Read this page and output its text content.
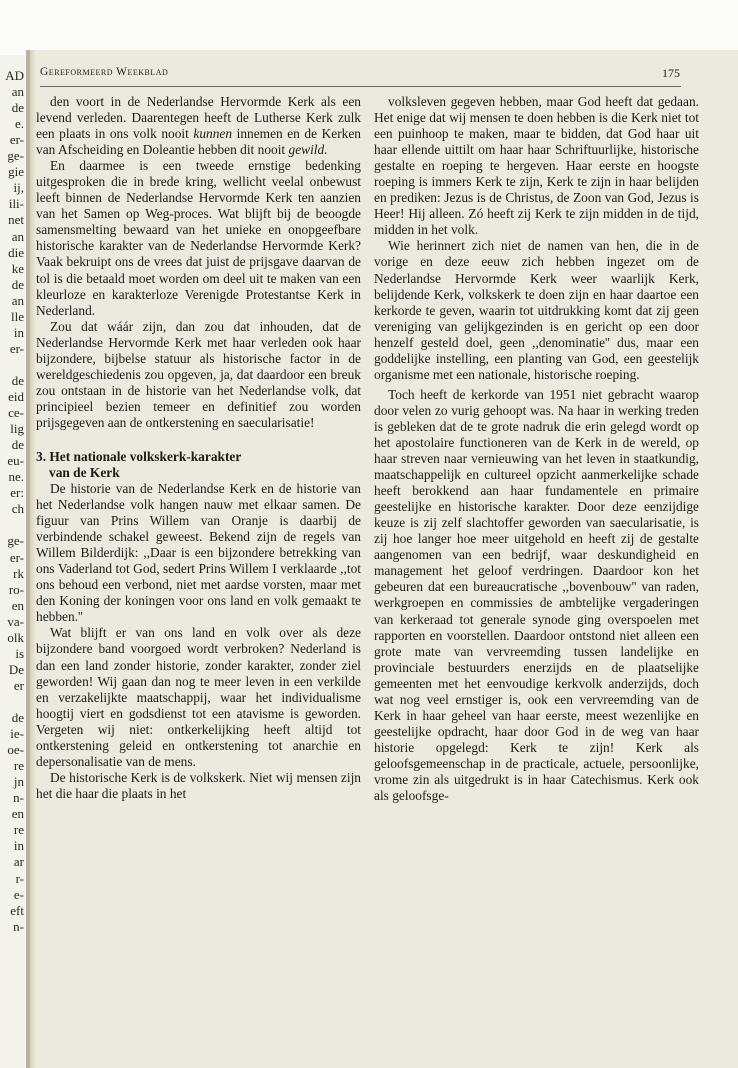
AD
an
de
e.
er-
ge-
gie
ij,
ili-
net
an
die
ke
de
an
lle
in
er-
de
eid
ce-
lig
de
eu-
ne.
er:
ch
ge-
er-
rk
ro-
en
va-
olk
is
De
er
de
ie-
oe-
re
jn
n-
en
re
in
ar
r-
e-
eft
n-
Gereformeerd Weekblad	175

den voort in de Nederlandse Hervormde Kerk als een levend verleden. Daarentegen heeft de Lutherse Kerk zulk een plaats in ons volk nooit kunnen innemen en de Kerken van Afscheiding en Doleantie hebben dit nooit gewild.

En daarmee is een tweede ernstige bedenking uitgesproken die in brede kring, wellicht veelal onbewust leeft binnen de Nederlandse Hervormde Kerk ten aanzien van het Samen op Weg-proces. Wat blijft bij de beoogde samensmelting bewaard van het unieke en onopgeefbare historische karakter van de Nederlandse Hervormde Kerk? Vaak bekruipt ons de vrees dat juist de prijsgave daarvan de tol is die betaald moet worden om deel uit te maken van een kleurloze en karakterloze Verenigde Protestantse Kerk in Nederland.

Zou dat wáár zijn, dan zou dat inhouden, dat de Nederlandse Hervormde Kerk met haar verleden ook haar bijzondere, bijbelse statuur als historische factor in de wereldgeschiedenis zou opgeven, ja, dat daardoor een breuk zou ontstaan in de historie van het Nederlandse volk, dat principieel bezien temeer en definitief zou worden prijsgegeven aan de ontkerstening en saecularisatie!

3. Het nationale volkskerk-karakter
van de Kerk

De historie van de Nederlandse Kerk en de historie van het Nederlandse volk hangen nauw met elkaar samen. De figuur van Prins Willem van Oranje is daarbij de verbindende schakel geweest. Bekend zijn de regels van Willem Bilderdijk: ,,Daar is een bijzondere betrekking van ons Vaderland tot God, sedert Prins Willem I verklaarde ,,tot ons behoud een verbond, niet met aardse vorsten, maar met den Koning der koningen voor ons land en volk gemaakt te hebben.''

Wat blijft er van ons land en volk over als deze bijzondere band voorgoed wordt verbroken? Nederland is dan een land zonder historie, zonder karakter, zonder ziel geworden! Wij gaan dan nog te meer leven in een verkilde en verzakelijkte maatschappij, waar het individualisme hoogtij viert en godsdienst tot een atavisme is geworden. Vergeten wij niet: ontkerkelijking heeft altijd tot ontkerstening geleid en ontkerstening tot anarchie en depersonalisatie van de mens.

De historische Kerk is de volkskerk. Niet wij mensen zijn het die haar die plaats in het

volksleven gegeven hebben, maar God heeft dat gedaan. Het enige dat wij mensen te doen hebben is die Kerk niet tot een puinhoop te maken, maar te bidden, dat God haar uit haar ellende uittilt om haar haar Schriftuurlijke, historische gestalte en roeping te hergeven. Haar eerste en hoogste roeping is immers Kerk te zijn, Kerk te zijn in haar belijden en prediken: Jezus is de Christus, de Zoon van God, Jezus is Heer! Hij alleen. Zó heeft zij Kerk te zijn midden in de tijd, midden in het volk.

Wie herinnert zich niet de namen van hen, die in de vorige en deze eeuw zich hebben ingezet om de Nederlandse Hervormde Kerk weer waarlijk Kerk, belijdende Kerk, volkskerk te doen zijn en haar daartoe een kerkorde te geven, waarin tot uitdrukking komt dat zij geen vereniging van gelijkgezinden is en gericht op een door henzelf gesteld doel, geen ,,denominatie'' dus, maar een goddelijke instelling, een planting van God, een geestelijk organisme met een nationale, historische roeping.

Toch heeft de kerkorde van 1951 niet gebracht waarop door velen zo vurig gehoopt was. Na haar in werking treden is gebleken dat de te grote nadruk die erin gelegd wordt op het apostolaire functioneren van de Kerk in de wereld, op haar streven naar vernieuwing van het leven in staatkundig, maatschappelijk en cultureel opzicht aanmerkelijke schade heeft berokkend aan haar fundamentele en primaire geestelijke en historische karakter. Door deze eenzijdige keuze is zij zelf slachtoffer geworden van saecularisatie, is zij hoe langer hoe meer uitgehold en heeft zij de gestalte aangenomen van een bedrijf, waar deskundigheid en management het geloof verdringen. Daardoor kon het gebeuren dat een bureaucratische ,,bovenbouw'' van raden, werkgroepen en commissies de ambtelijke vergaderingen van kerkeraad tot generale synode ging overspoelen met rapporten en voorstellen. Daardoor ontstond niet alleen een grote mate van vervreemding tussen landelijke en provinciale bestuurders enerzijds en de plaatselijke gemeenten met het eenvoudige kerkvolk anderzijds, doch wat nog veel ernstiger is, ook een vervreemding van de Kerk in haar geheel van haar eerste, meest wezenlijke en geestelijke opdracht, haar door God in de weg van haar historie opgelegd: Kerk te zijn! Kerk als geloofsgemeenschap in de practicale, actuele, persoonlijke, vrome zin als uitgedrukt is in haar Catechismus. Kerk ook als geloofsge-
